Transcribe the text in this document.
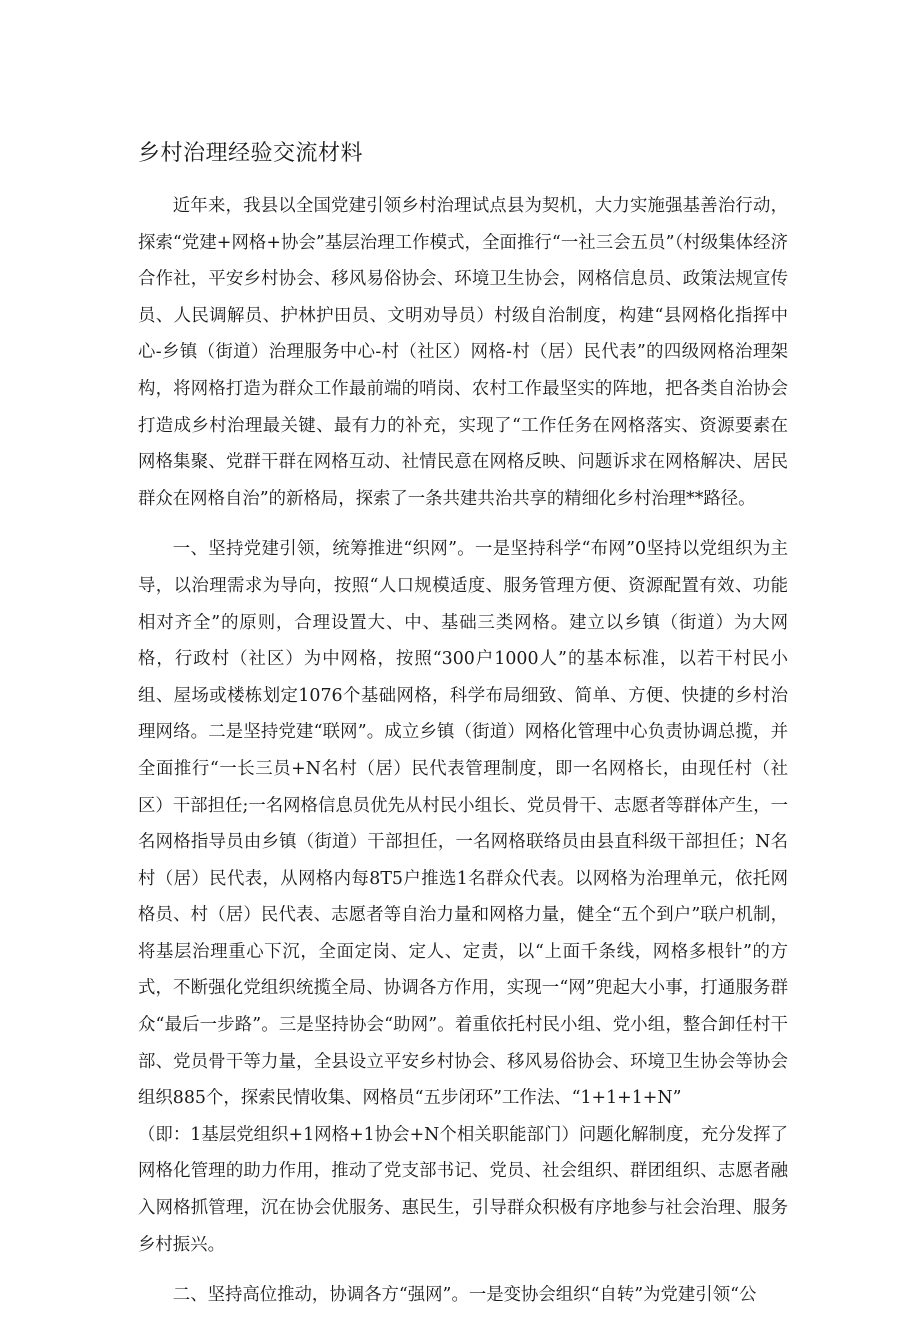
乡村治理经验交流材料

近年来，我县以全国党建引领乡村治理试点县为契机，大力实施强基善治行动，探索“党建+网格+协会”基层治理工作模式，全面推行“一社三会五员”（村级集体经济合作社，平安乡村协会、移风易俗协会、环境卫生协会，网格信息员、政策法规宣传员、人民调解员、护林护田员、文明劝导员）村级自治制度，构建“县网格化指挥中心-乡镇（街道）治理服务中心-村（社区）网格-村（居）民代表”的四级网格治理架构，将网格打造为群众工作最前端的哨岗、农村工作最坚实的阵地，把各类自治协会打造成乡村治理最关键、最有力的补充，实现了“工作任务在网格落实、资源要素在网格集聚、党群干群在网格互动、社情民意在网格反映、问题诉求在网格解决、居民群众在网格自治”的新格局，探索了一条共建共治共享的精细化乡村治理**路径。

一、坚持党建引领，统筹推进“织网”。一是坚持科学“布网”0坚持以党组织为主导，以治理需求为导向，按照“人口规模适度、服务管理方便、资源配置有效、功能相对齐全”的原则，合理设置大、中、基础三类网格。建立以乡镇（街道）为大网格，行政村（社区）为中网格，按照“300户1000人”的基本标准，以若干村民小组、屋场或楼栋划定1076个基础网格，科学布局细致、简单、方便、快捷的乡村治理网络。二是坚持党建“联网”。成立乡镇（街道）网格化管理中心负责协调总揽，并全面推行“一长三员+N名村（居）民代表管理制度，即一名网格长，由现任村（社区）干部担任;一名网格信息员优先从村民小组长、党员骨干、志愿者等群体产生，一名网格指导员由乡镇（街道）干部担任，一名网格联络员由县直科级干部担任；N名村（居）民代表，从网格内每8T5户推选1名群众代表。以网格为治理单元，依托网格员、村（居）民代表、志愿者等自治力量和网格力量，健全“五个到户”联户机制，将基层治理重心下沉，全面定岗、定人、定责，以“上面千条线，网格多根针”的方式，不断强化党组织统揽全局、协调各方作用，实现一“网”兜起大小事，打通服务群众“最后一步路”。三是坚持协会“助网”。着重依托村民小组、党小组，整合卸任村干部、党员骨干等力量，全县设立平安乡村协会、移风易俗协会、环境卫生协会等协会组织885个，探索民情收集、网格员“五步闭环”工作法、“1+1+1+N”

（即：1基层党组织+1网格+1协会+N个相关职能部门）问题化解制度，充分发挥了网格化管理的助力作用，推动了党支部书记、党员、社会组织、群团组织、志愿者融入网格抓管理，沉在协会优服务、惠民生，引导群众积极有序地参与社会治理、服务乡村振兴。

二、坚持高位推动，协调各方“强网”。一是变协会组织“自转”为党建引领“公
